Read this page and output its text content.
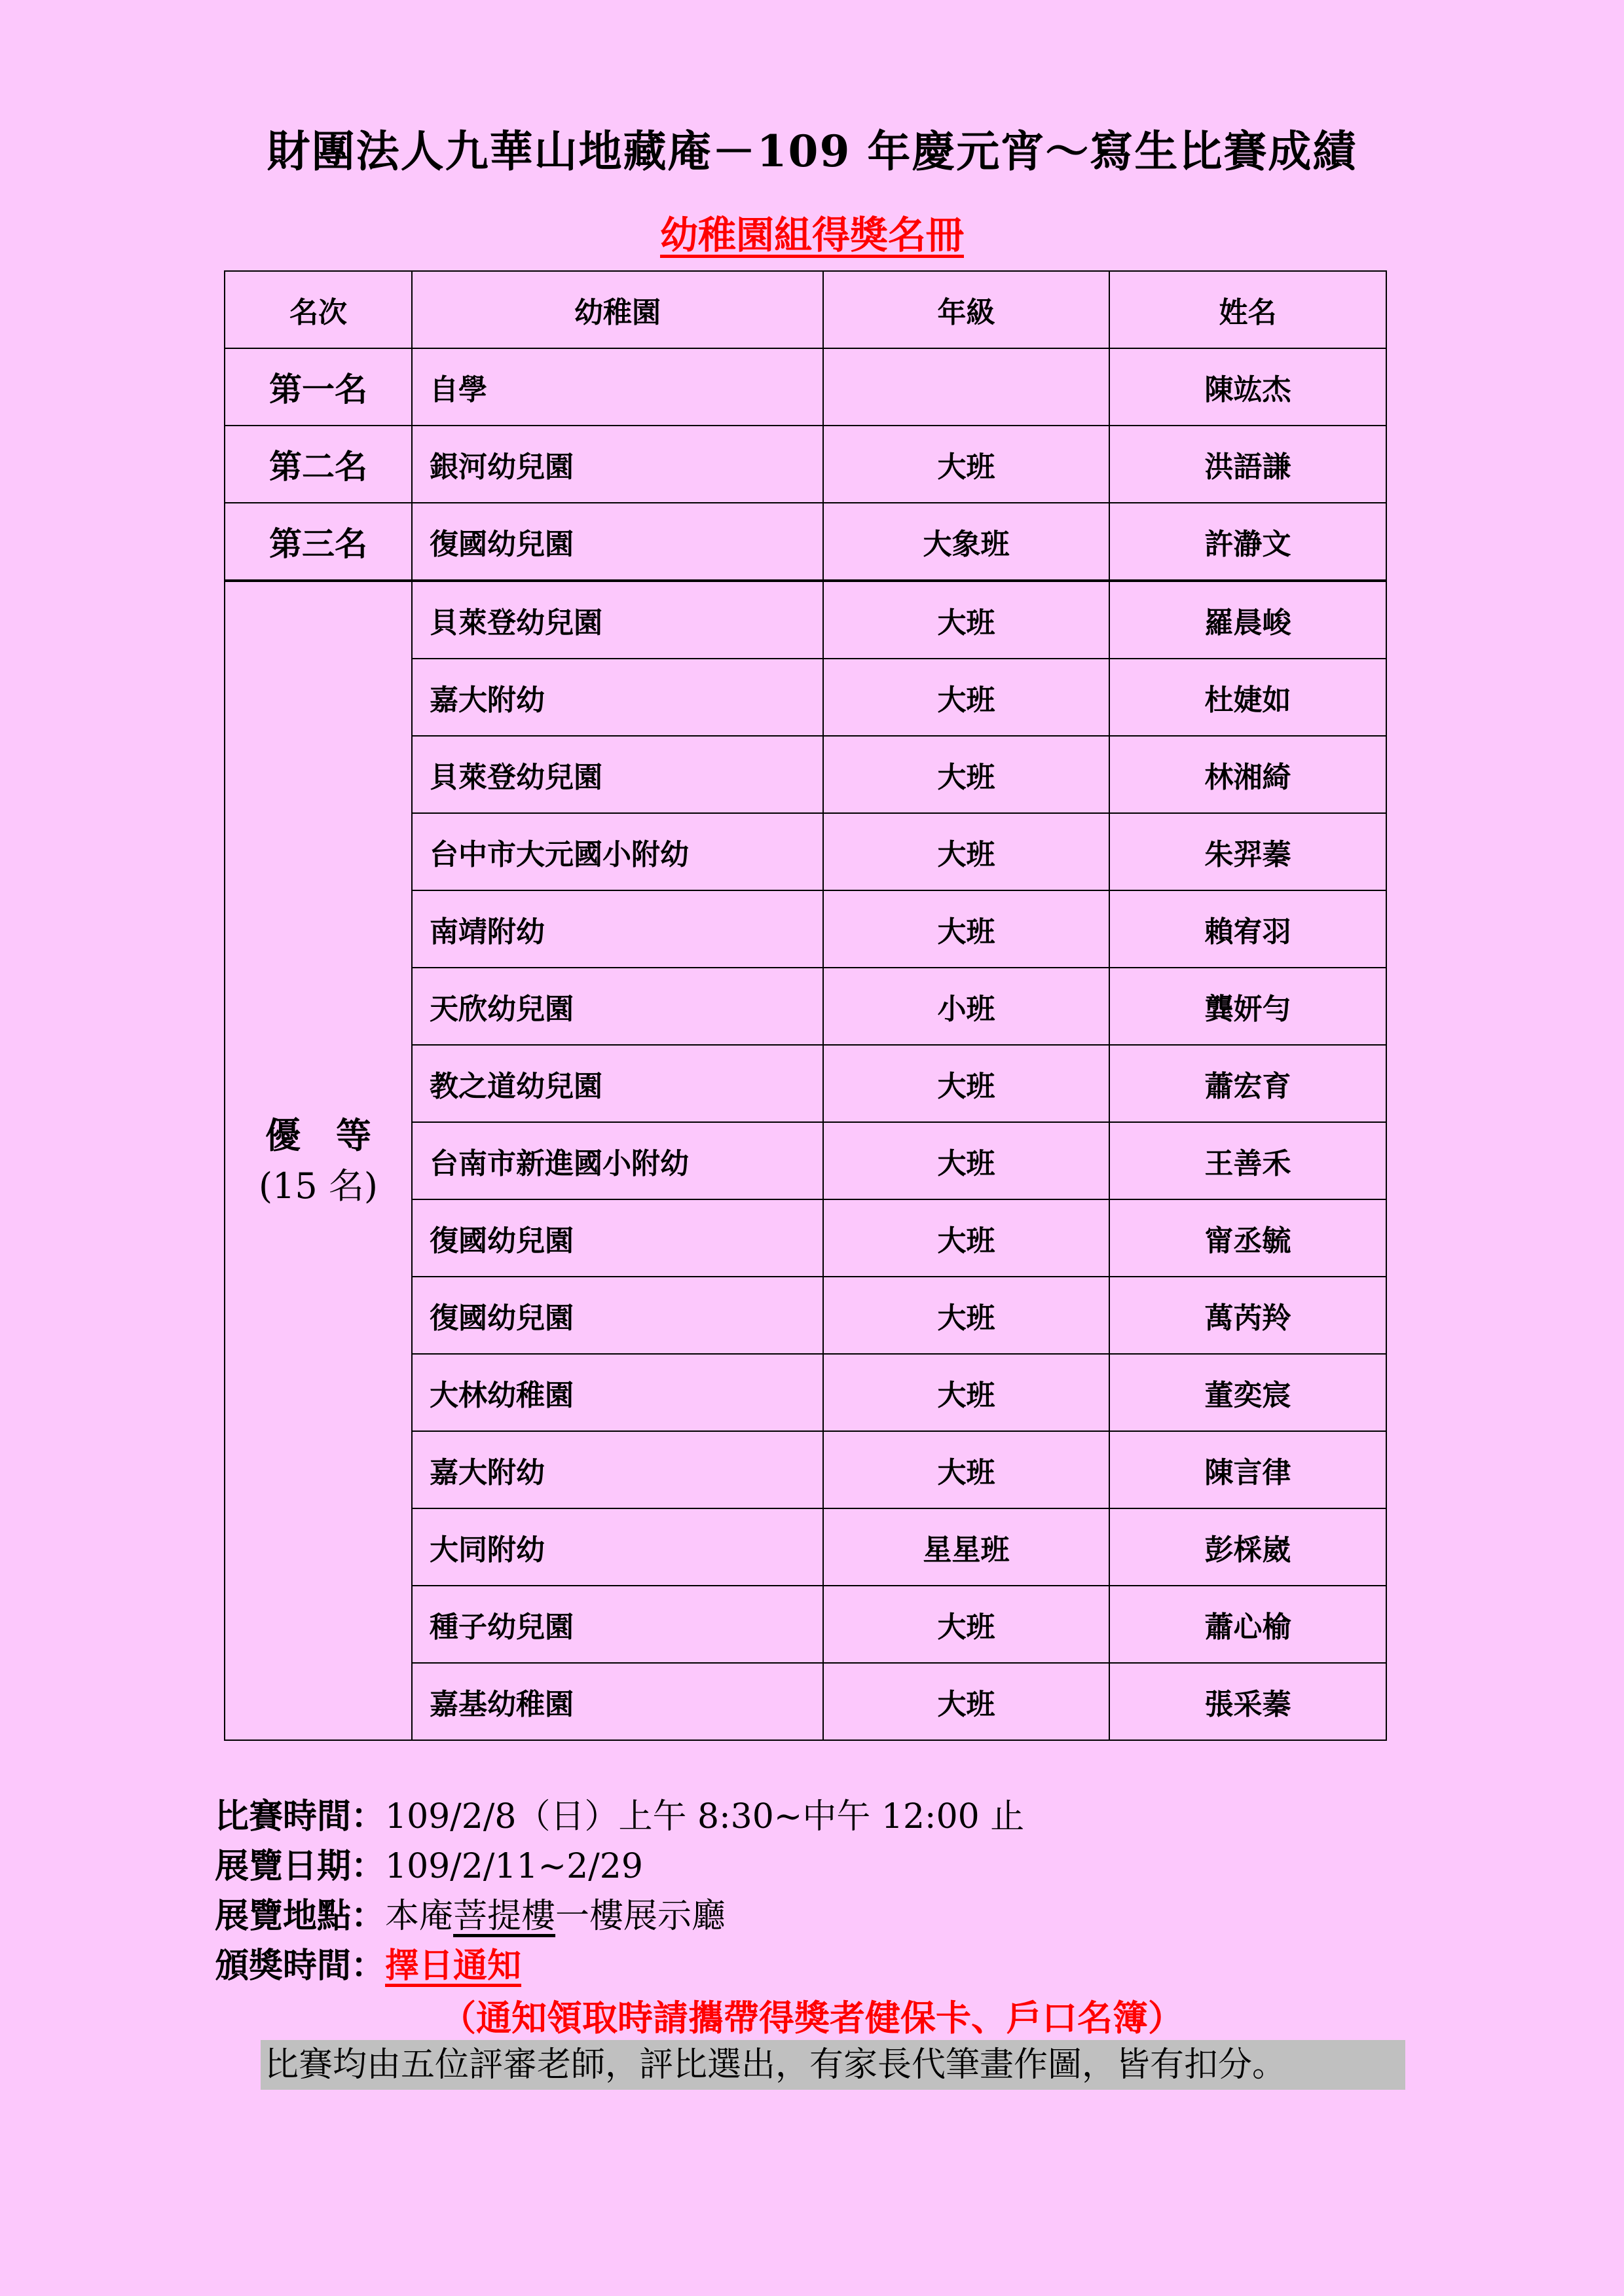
財團法人九華山地藏庵－109 年慶元宵～寫生比賽成績
幼稚園組得獎名冊
名次	幼稚園	年級	姓名
第一名	自學		陳竑杰
第二名	銀河幼兒園	大班	洪語謙
第三名	復國幼兒園	大象班	許瀞文

優　等
(15 名)	貝萊登幼兒園	大班	羅晨峻
	嘉大附幼	大班	杜婕如
	貝萊登幼兒園	大班	林湘綺
	台中市大元國小附幼	大班	朱羿蓁
	南靖附幼	大班	賴宥羽
	天欣幼兒園	小班	龔妍勻
	教之道幼兒園	大班	蕭宏育
	台南市新進國小附幼	大班	王善禾
	復國幼兒園	大班	甯丞毓
	復國幼兒園	大班	萬芮羚
	大林幼稚園	大班	董奕宸
	嘉大附幼	大班	陳言律
	大同附幼	星星班	彭棌崴
	種子幼兒園	大班	蕭心榆
	嘉基幼稚園	大班	張采蓁
比賽時間：109/2/8（日）上午 8:30~中午 12:00 止
展覽日期：109/2/11~2/29
展覽地點：本庵菩提樓一樓展示廳
頒獎時間：擇日通知
（通知領取時請攜帶得獎者健保卡、戶口名簿）
比賽均由五位評審老師，評比選出，有家長代筆畫作圖，皆有扣分。
